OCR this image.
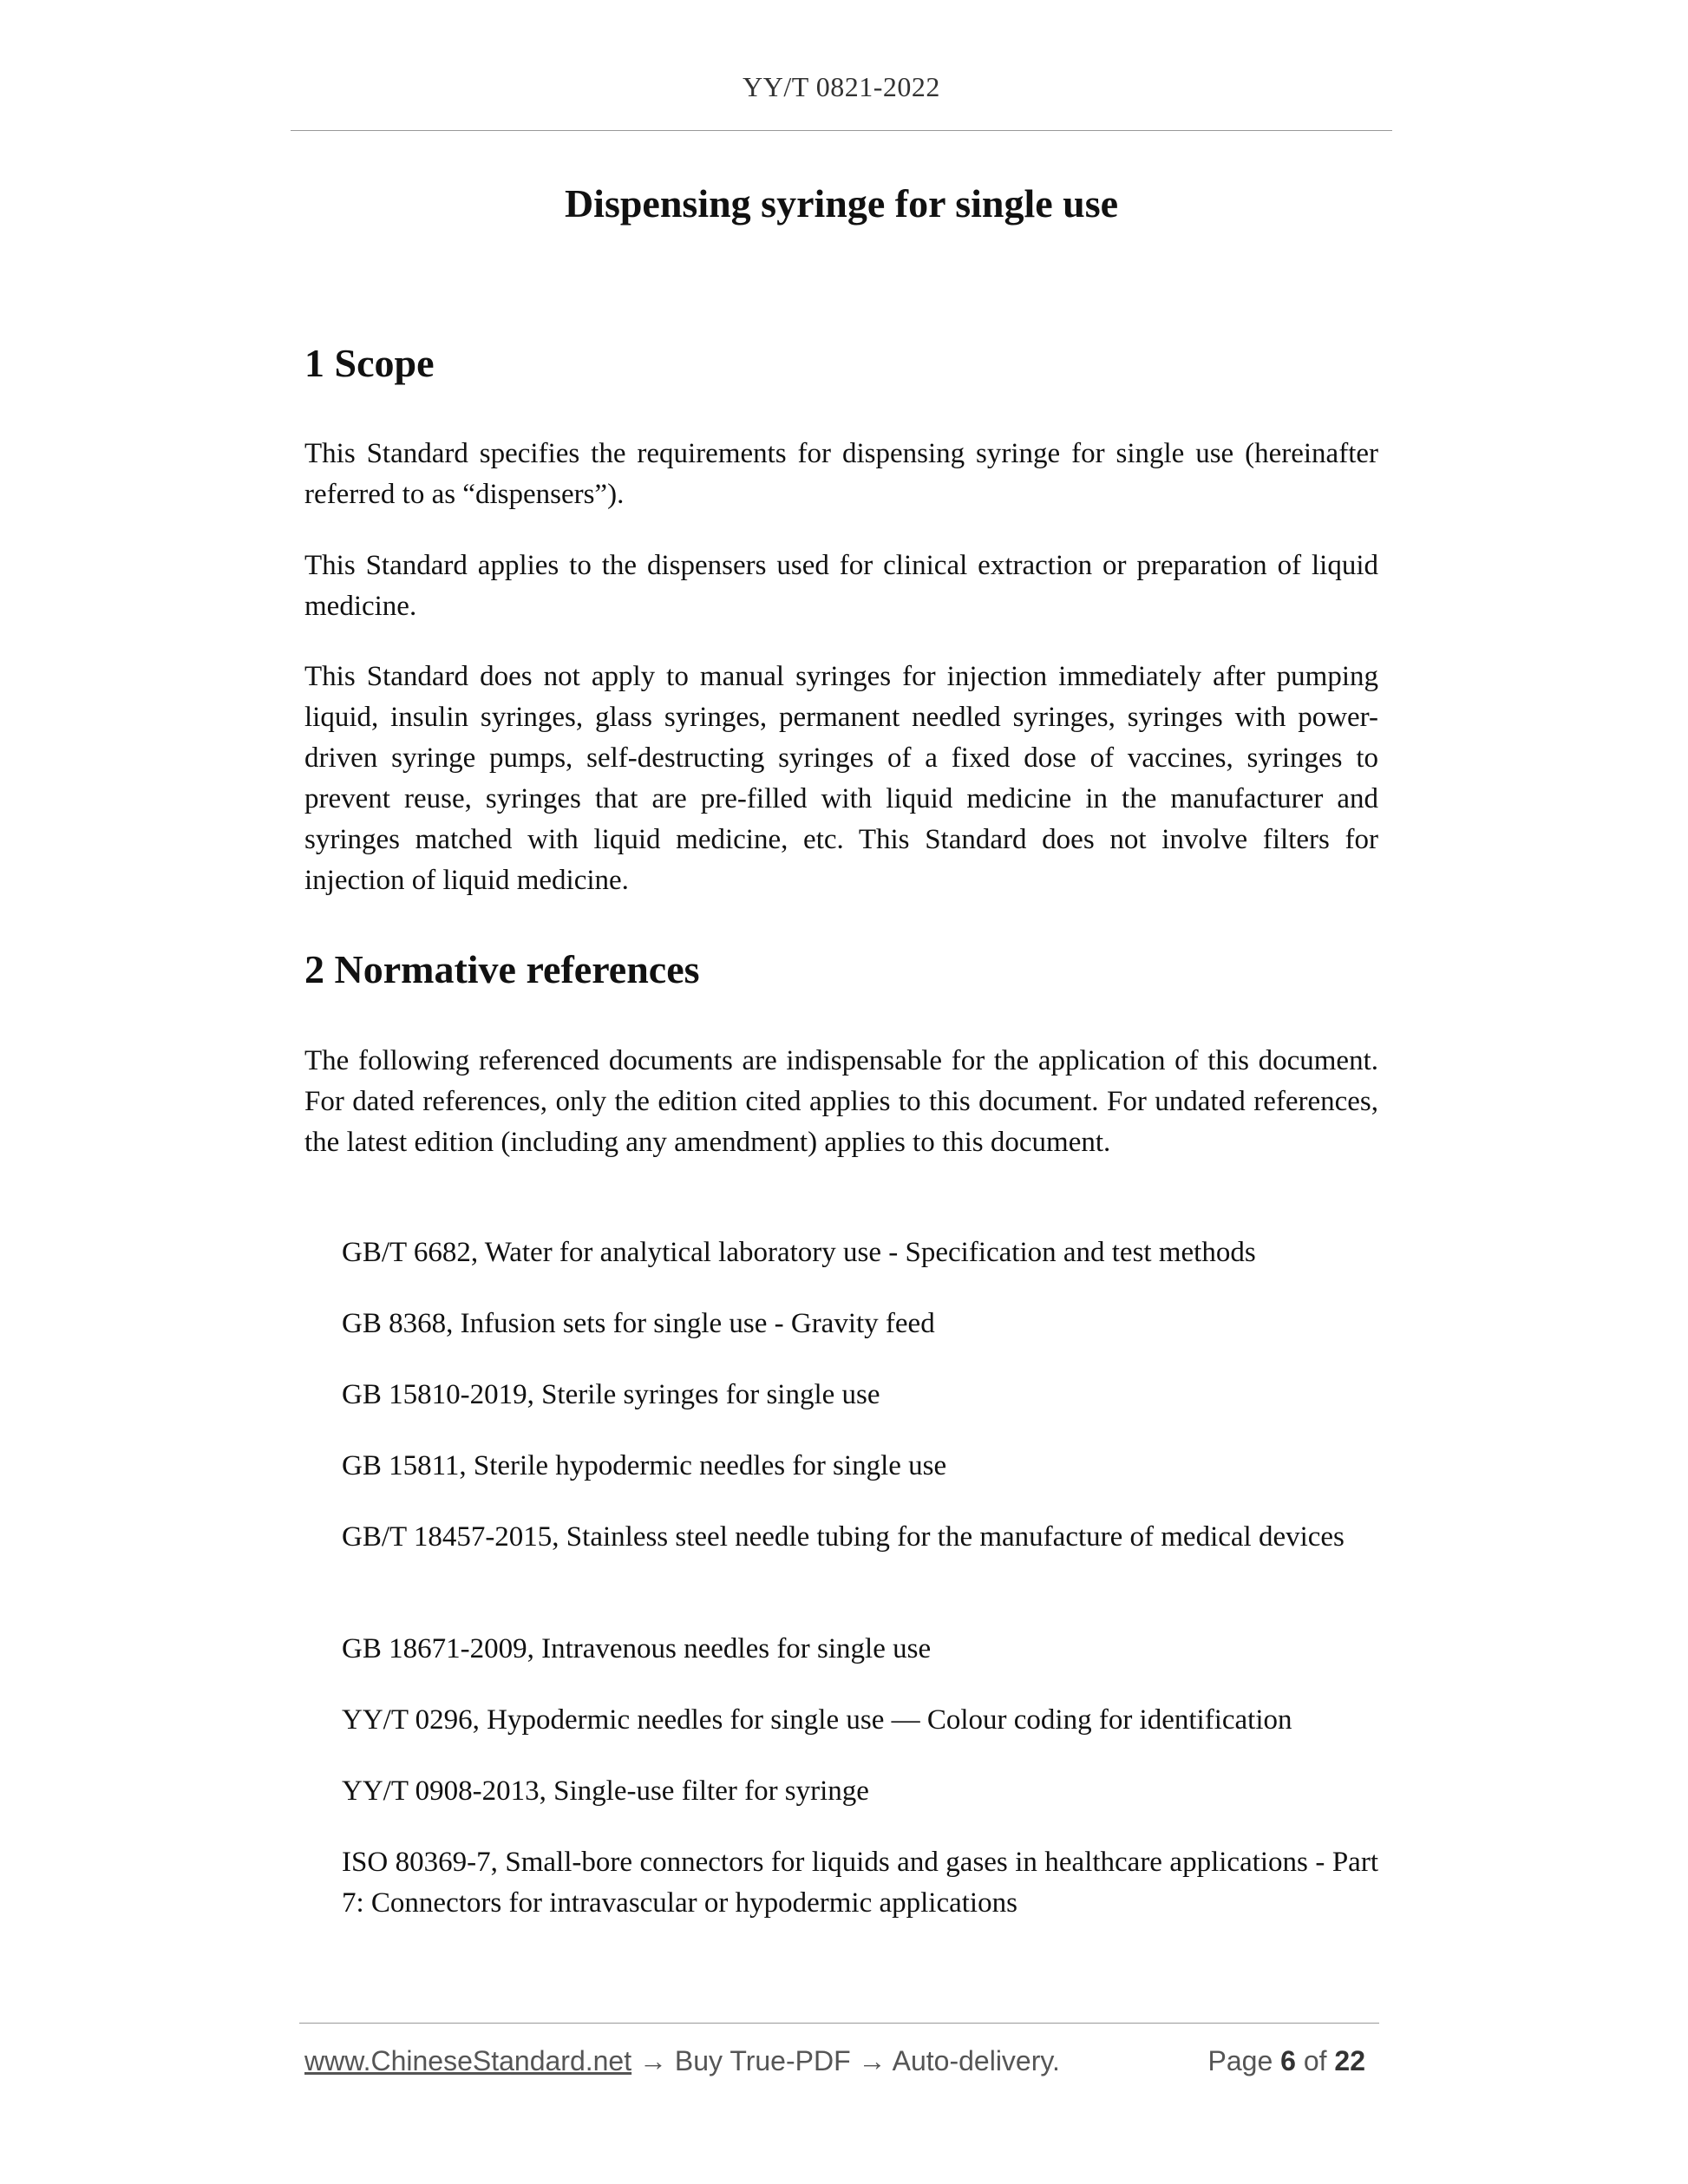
YY/T 0821-2022
Dispensing syringe for single use
1 Scope

This Standard specifies the requirements for dispensing syringe for single use (hereinafter referred to as “dispensers”).

This Standard applies to the dispensers used for clinical extraction or preparation of liquid medicine.

This Standard does not apply to manual syringes for injection immediately after pumping liquid, insulin syringes, glass syringes, permanent needled syringes, syringes with power-driven syringe pumps, self-destructing syringes of a fixed dose of vaccines, syringes to prevent reuse, syringes that are pre-filled with liquid medicine in the manufacturer and syringes matched with liquid medicine, etc. This Standard does not involve filters for injection of liquid medicine.

2 Normative references

The following referenced documents are indispensable for the application of this document. For dated references, only the edition cited applies to this document. For undated references, the latest edition (including any amendment) applies to this document.

GB/T 6682, Water for analytical laboratory use - Specification and test methods

GB 8368, Infusion sets for single use - Gravity feed

GB 15810-2019, Sterile syringes for single use

GB 15811, Sterile hypodermic needles for single use

GB/T 18457-2015, Stainless steel needle tubing for the manufacture of medical devices

GB 18671-2009, Intravenous needles for single use

YY/T 0296, Hypodermic needles for single use — Colour coding for identification

YY/T 0908-2013, Single-use filter for syringe

ISO 80369-7, Small-bore connectors for liquids and gases in healthcare applications - Part 7: Connectors for intravascular or hypodermic applications

www.ChineseStandard.net → Buy True-PDF → Auto-delivery.	Page 6 of 22
